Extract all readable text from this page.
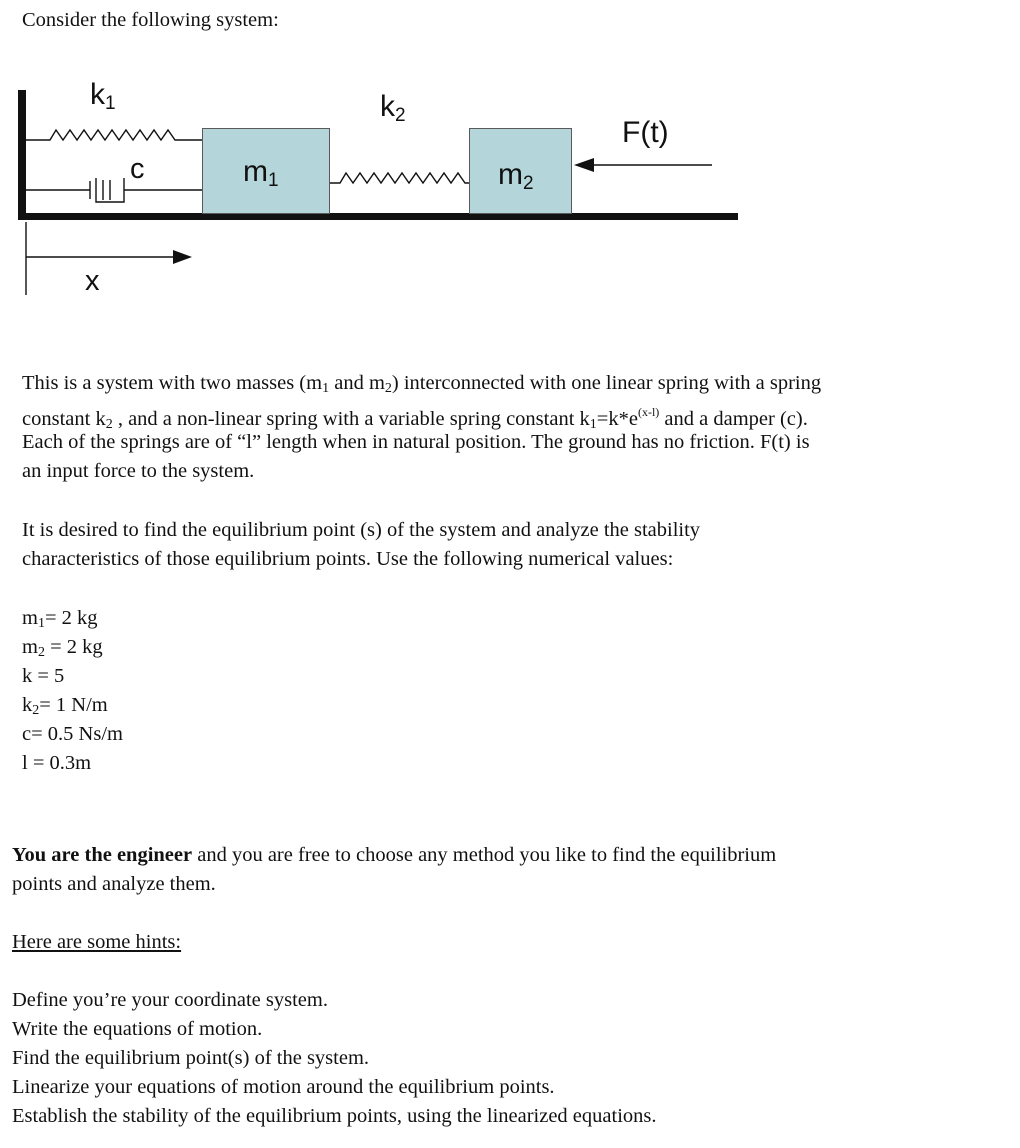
Consider the following system:

$k_1$	$k_2$
c	$m_1$	$m_2$
F(t)
x

This is a system with two masses ($m_1$ and $m_2$) interconnected with one linear spring with a spring

constant $k_2$ , and a non-linear spring with a variable spring constant $k_1=k*e^{(x-l)}$ and a damper (c).

Each of the springs are of “l” length when in natural position. The ground has no friction. F(t) is

an input force to the system.

It is desired to find the equilibrium point (s) of the system and analyze the stability

characteristics of those equilibrium points. Use the following numerical values:

$m_1= 2$ kg

$m_2 = 2$ kg

k = 5

$k_2= 1$ N/m

c= 0.5 Ns/m

l = 0.3m

You are the engineer and you are free to choose any method you like to find the equilibrium

points and analyze them.

Here are some hints:

Define you’re your coordinate system.

Write the equations of motion.

Find the equilibrium point(s) of the system.

Linearize your equations of motion around the equilibrium points.

Establish the stability of the equilibrium points, using the linearized equations.
